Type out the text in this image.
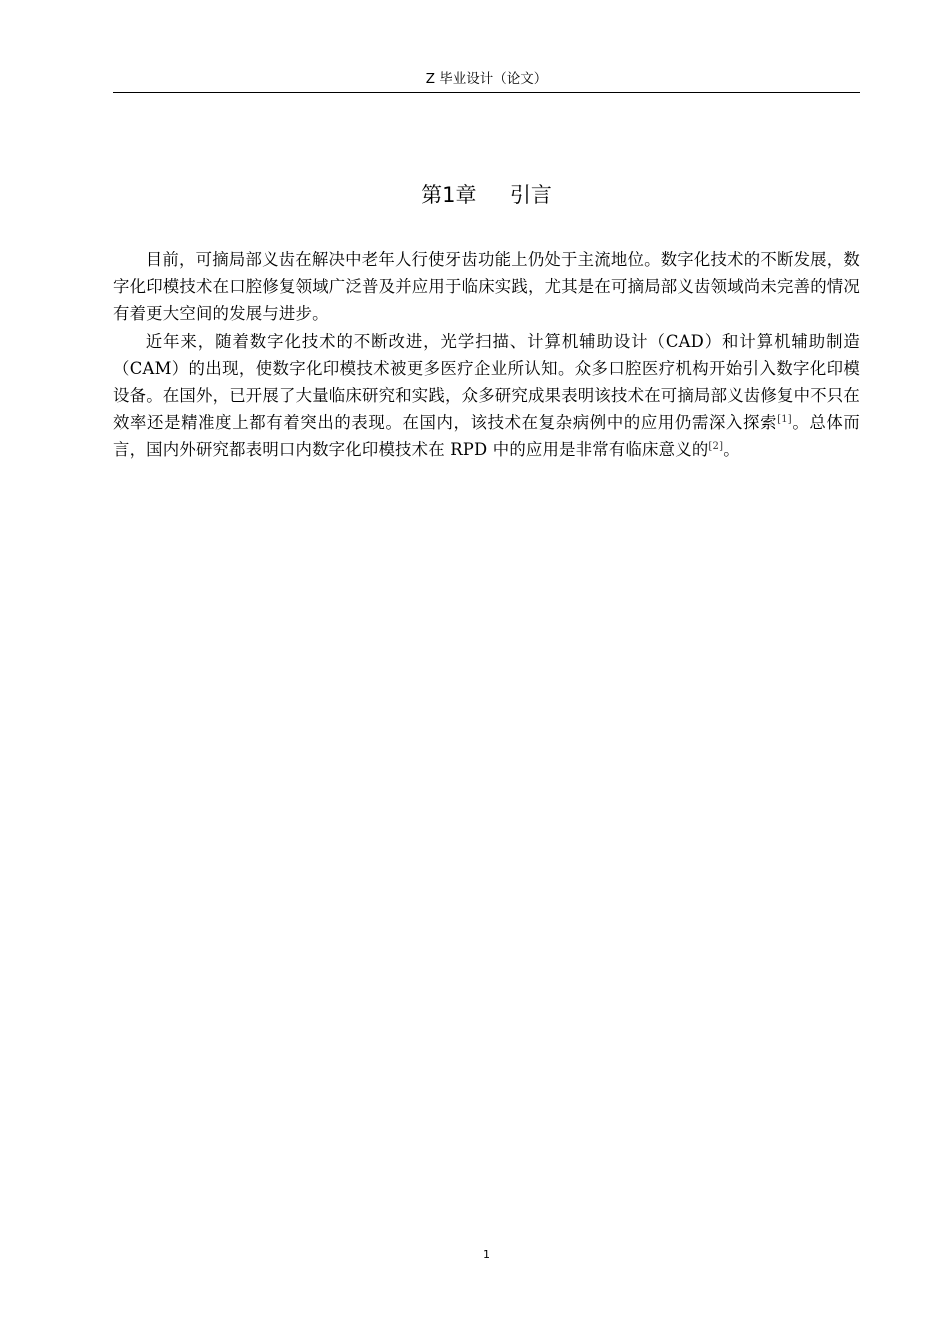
Z 毕业设计（论文）
第1章     引言

目前，可摘局部义齿在解决中老年人行使牙齿功能上仍处于主流地位。数字化技术的不断发展，数字化印模技术在口腔修复领域广泛普及并应用于临床实践，尤其是在可摘局部义齿领域尚未完善的情况有着更大空间的发展与进步。

近年来，随着数字化技术的不断改进，光学扫描、计算机辅助设计（CAD）和计算机辅助制造（CAM）的出现，使数字化印模技术被更多医疗企业所认知。众多口腔医疗机构开始引入数字化印模设备。在国外，已开展了大量临床研究和实践，众多研究成果表明该技术在可摘局部义齿修复中不只在效率还是精准度上都有着突出的表现。在国内，该技术在复杂病例中的应用仍需深入探索[1]。总体而言，国内外研究都表明口内数字化印模技术在 RPD 中的应用是非常有临床意义的[2]。

1
